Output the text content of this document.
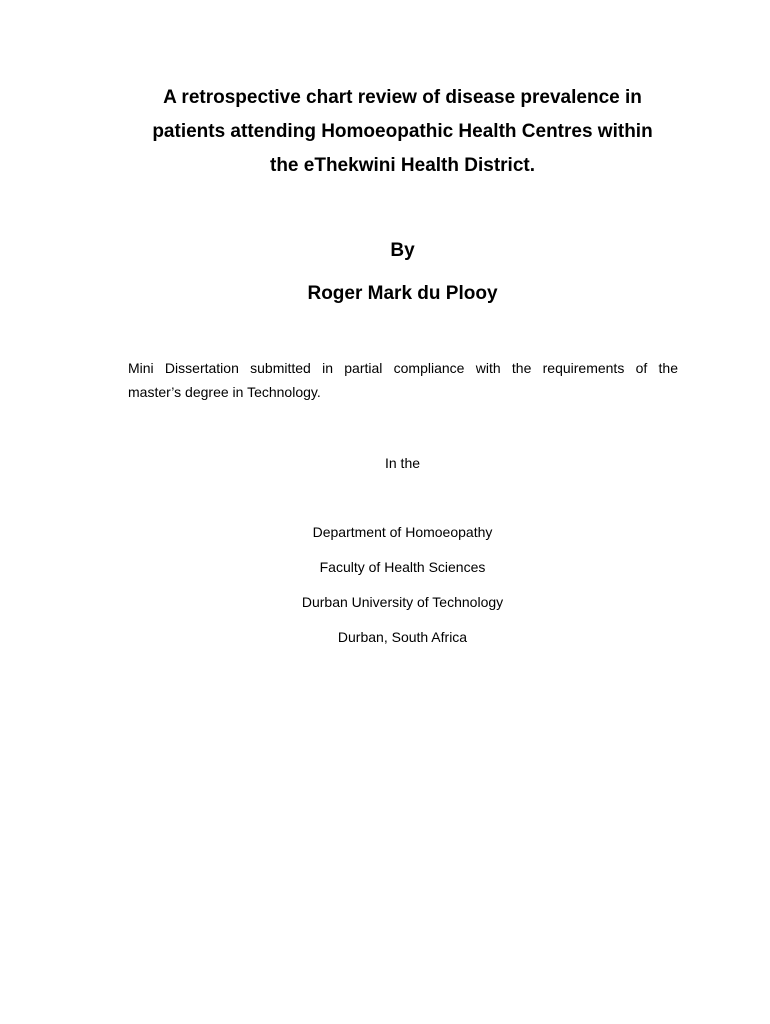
A retrospective chart review of disease prevalence in
patients attending Homoeopathic Health Centres within
the eThekwini Health District.
By
Roger Mark du Plooy

Mini Dissertation submitted in partial compliance with the requirements of the
master’s degree in Technology.

In the
Department of Homoeopathy
Faculty of Health Sciences
Durban University of Technology
Durban, South Africa
